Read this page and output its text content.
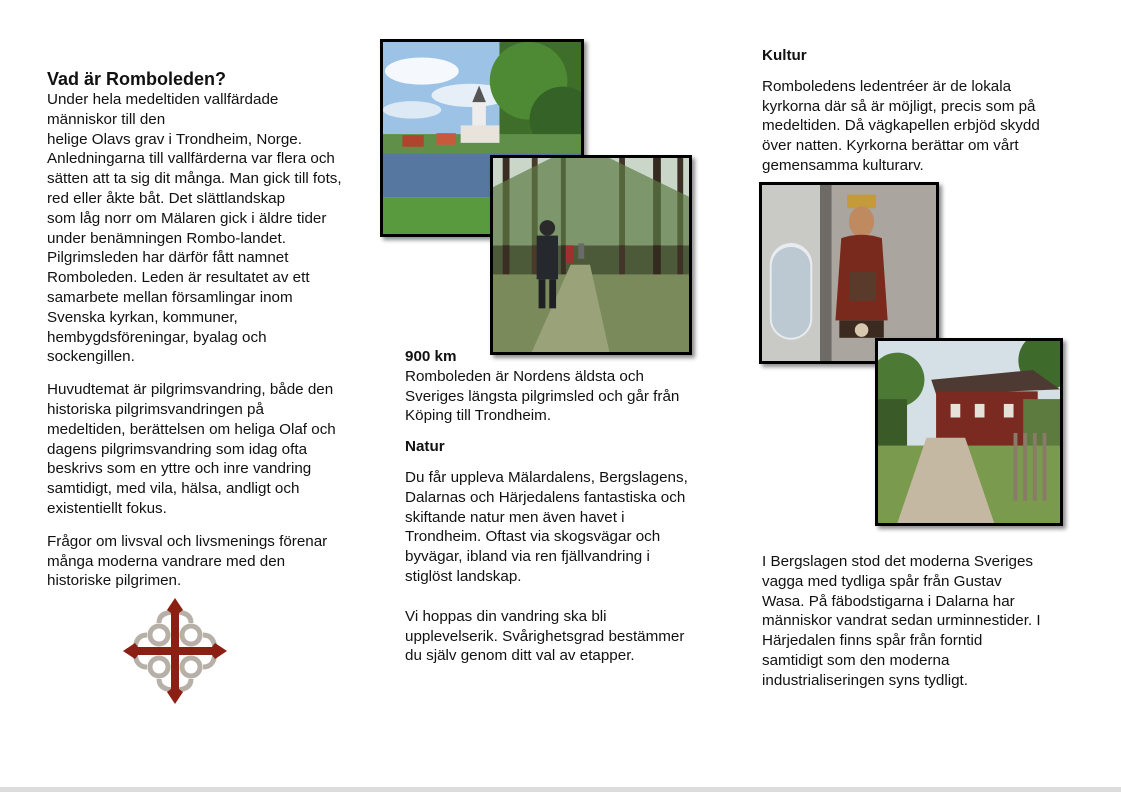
Vad är Romboleden?

Under hela medeltiden vallfärdade
människor till den
helige Olavs grav i Trondheim, Norge.
Anledningarna till vallfärderna var flera och
sätten att ta sig dit många. Man gick till fots,
red eller åkte båt. Det slättlandskap
som låg norr om Mälaren gick i äldre tider
under benämningen Rombo-landet.
Pilgrimsleden har därför fått namnet
Romboleden. Leden är resultatet av ett
samarbete mellan församlingar inom
Svenska kyrkan, kommuner,
hembygdsföreningar, byalag och
sockengillen.

Huvudtemat är pilgrimsvandring, både den
historiska pilgrimsvandringen på
medeltiden, berättelsen om heliga Olaf och
dagens pilgrimsvandring som idag ofta
beskrivs som en yttre och inre vandring
samtidigt, med vila, hälsa, andligt och
existentiellt fokus.

Frågor om livsval och livsmenings förenar
många moderna vandrare med den
historiske pilgrimen.

900 km

Romboleden är Nordens äldsta och
Sveriges längsta pilgrimsled och går från
Köping till Trondheim.

Natur

Du får uppleva Mälardalens, Bergslagens,
Dalarnas och Härjedalens fantastiska och
skiftande natur men även havet i
Trondheim. Oftast via skogsvägar och
byvägar, ibland via ren fjällvandring i
stiglöst landskap.

Vi hoppas din vandring ska bli
upplevelserik. Svårighetsgrad bestämmer
du själv genom ditt val av etapper.

Kultur

Romboledens ledentréer är de lokala
kyrkorna där så är möjligt, precis som på
medeltiden. Då vägkapellen erbjöd skydd
över natten. Kyrkorna berättar om vårt
gemensamma kulturarv.

I Bergslagen stod det moderna Sveriges
vagga med tydliga spår från Gustav
Wasa. På fäbodstigarna i Dalarna har
människor vandrat sedan urminnestider. I
Härjedalen finns spår från forntid
samtidigt som den moderna
industrialiseringen syns tydligt.
